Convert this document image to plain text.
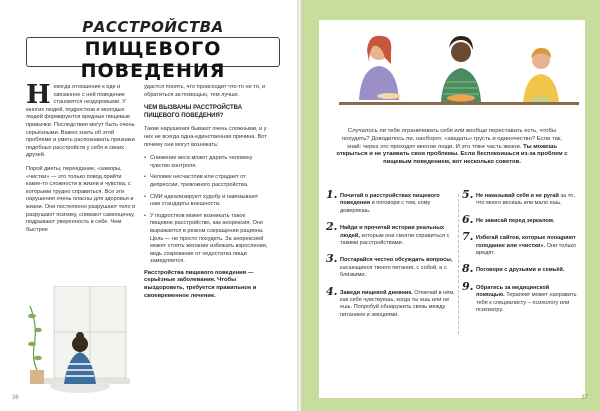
РАССТРОЙСТВА
ПИЩЕВОГО ПОВЕДЕНИЯ

Некогда отношение к еде и связанное с ней поведение становятся нездоровыми. У многих людей, подростков и молодых людей формируются вредные пищевые привычки. Последствия могут быть очень серьёзными. Важно знать об этой проблеме и уметь распознавать признаки подобных расстройств у себя и своих друзей.

Порой диеты, переедание, «заморы, «чистки» — это только повод прийти какие-то сложности в жизни и чувства, с которыми трудно справиться. Все эти нарушения очень опасны для здоровья и жизни. Они постепенно разрушают тело и разрушают психику, снижают самооценку, подрывают уверенность в себе. Чем быстрее

удастся понять, что происходит что-то не то, и обратиться за помощью, тем лучше.

ЧЕМ ВЫЗВАНЫ РАССТРОЙСТВА ПИЩЕВОГО ПОВЕДЕНИЯ?

Такие нарушения бывают очень сложными, и у них не всегда одна-единственная причина. Вот почему они могут возникать:

• Снижение веса может дарить человеку чувство контроля.
• Человек несчастлив или страдает от депрессии, тревожного расстройства.
• СМИ идеализируют худобу и навязывают нам стандарты внешности.
• У подростков может возникать такое пищевое расстройство, как анорексия. Оно выражается в резком сокращении рациона. Цель — не просто похудеть. За анорексией может стоять желание избежать взросления, ведь созревание от недостатка пищи замедляется.

Расстройства пищевого поведения — серьёзные заболевания. Чтобы выздороветь, требуется правильное и своевременное лечение.

36
Случалось ли тебе ограничивать себя или вообще переставать есть, чтобы похудеть? Доводилось ли, наоборот, «заедать» грусть и одиночество? Если так, знай: через это проходят многие люди. И это тоже часть жизни. Ты можешь открыться и не утаивать свои проблемы. Если беспокоишься из-за проблем с пищевым поведением, вот несколько советов.
1. Почитай о расстройствах пищевого поведения и поговори с тем, кому доверяешь.
2. Найди и прочитай истории реальных людей, которым они смогли справиться с такими расстройствами.
3. Постарайся честно обсуждать вопросы, касающиеся твоего питания, с собой, и с близкими.
4. Заведи пищевой дневник. Отмечай в нём, как себя чувствуешь, когда ты ешь или не ешь. Попробуй обнаружить связь между питанием и эмоциями.
5. Не наказывай себя и не ругай за то, что много весишь или мало ешь.
6. Не зависай перед зеркалом.
7. Избегай сайтов, которые поощряют голодание или «чистки». Они только вредят.
8. Поговори с друзьями и семьёй.
9. Обратись за медицинской помощью. Терапевт может направить тебя к специалисту – психологу или психиатру.
37
